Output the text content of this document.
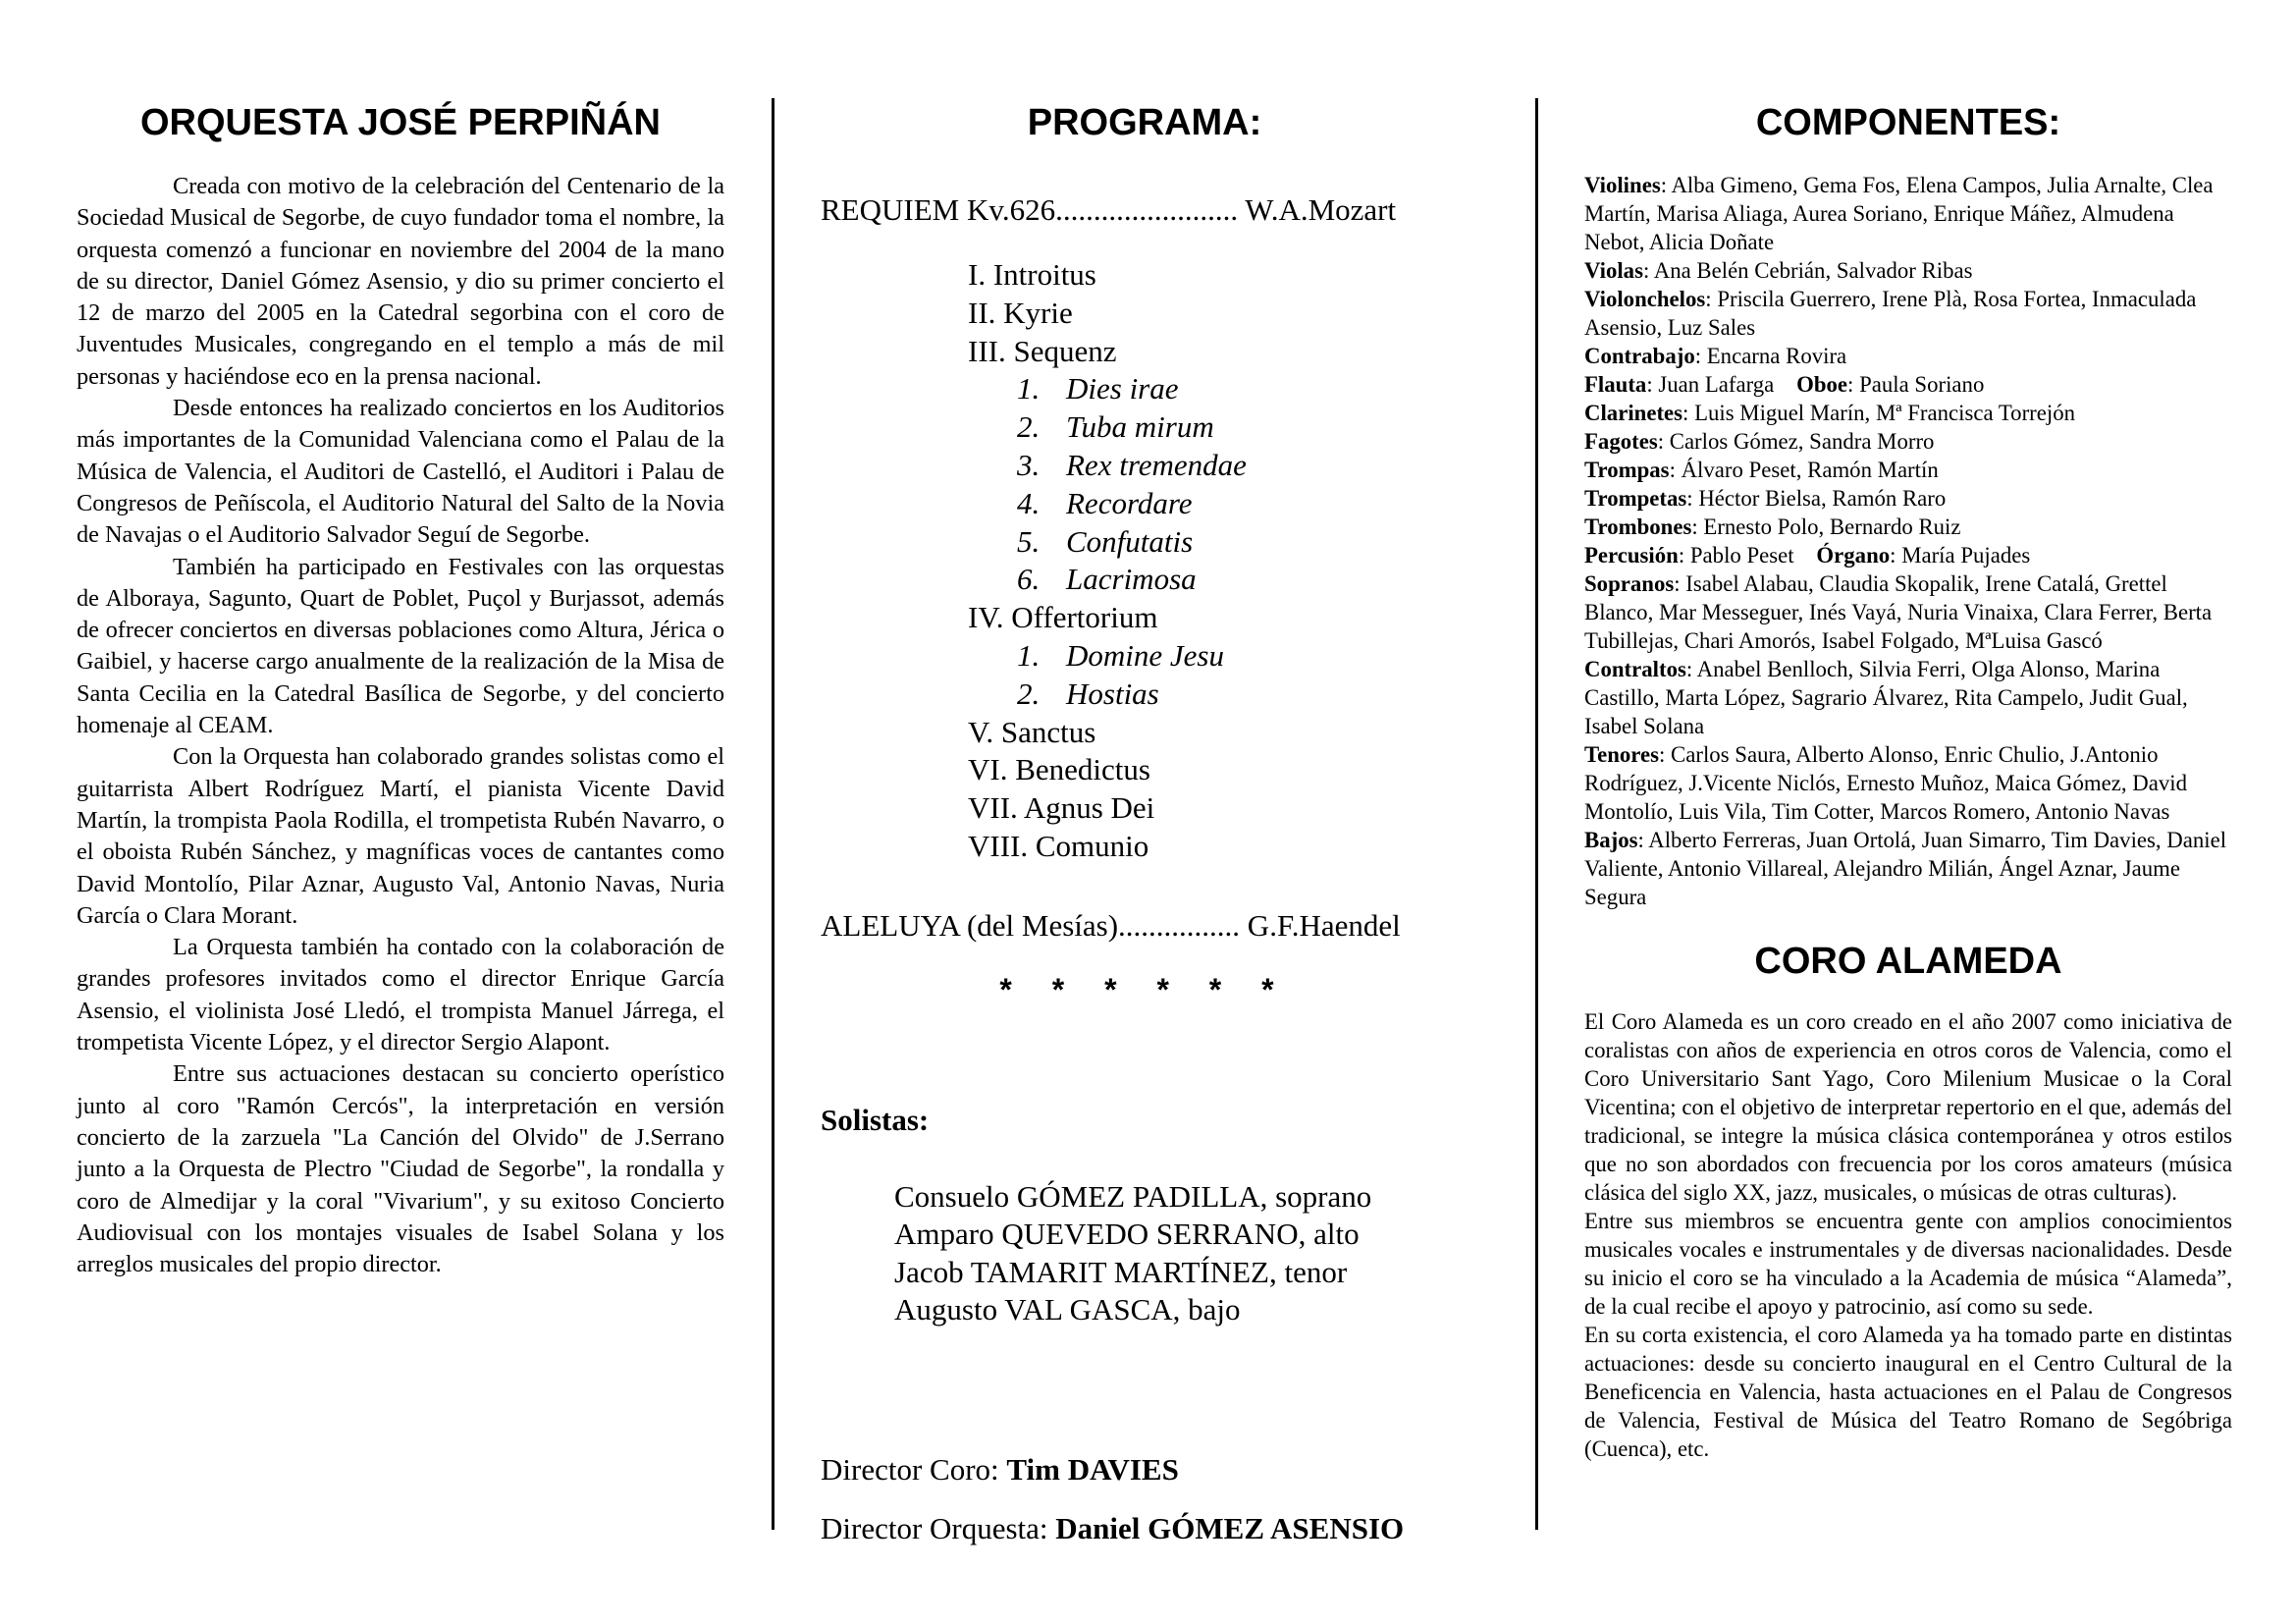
ORQUESTA JOSÉ PERPIÑÁN

Creada con motivo de la celebración del Centenario de la Sociedad Musical de Segorbe, de cuyo fundador toma el nombre, la orquesta comenzó a funcionar en noviembre del 2004 de la mano de su director, Daniel Gómez Asensio, y dio su primer concierto el 12 de marzo del 2005 en la Catedral segorbina con el coro de Juventudes Musicales, congregando en el templo a más de mil personas y haciéndose eco en la prensa nacional.

Desde entonces ha realizado conciertos en los Auditorios más importantes de la Comunidad Valenciana como el Palau de la Música de Valencia, el Auditori de Castelló, el Auditori i Palau de Congresos de Peñíscola, el Auditorio Natural del Salto de la Novia de Navajas o el Auditorio Salvador Seguí de Segorbe.

También ha participado en Festivales con las orquestas de Alboraya, Sagunto, Quart de Poblet, Puçol y Burjassot, además de ofrecer conciertos en diversas poblaciones como Altura, Jérica o Gaibiel, y hacerse cargo anualmente de la realización de la Misa de Santa Cecilia en la Catedral Basílica de Segorbe, y del concierto homenaje al CEAM.

Con la Orquesta han colaborado grandes solistas como el guitarrista Albert Rodríguez Martí, el pianista Vicente David Martín, la trompista Paola Rodilla, el trompetista Rubén Navarro, o el oboista Rubén Sánchez, y magníficas voces de cantantes como David Montolío, Pilar Aznar, Augusto Val, Antonio Navas, Nuria García o Clara Morant.

La Orquesta también ha contado con la colaboración de grandes profesores invitados como el director Enrique García Asensio, el violinista José Lledó, el trompista Manuel Járrega, el trompetista Vicente López, y el director Sergio Alapont.

Entre sus actuaciones destacan su concierto operístico junto al coro "Ramón Cercós", la interpretación en versión concierto de la zarzuela "La Canción del Olvido" de J.Serrano junto a la Orquesta de Plectro "Ciudad de Segorbe", la rondalla y coro de Almedijar y la coral "Vivarium", y su exitoso Concierto Audiovisual con los montajes visuales de Isabel Solana y los arreglos musicales del propio director.

PROGRAMA:

REQUIEM Kv.626........................ W.A.Mozart

I. Introitus
II. Kyrie
III. Sequenz
1. Dies irae
2. Tuba mirum
3. Rex tremendae
4. Recordare
5. Confutatis
6. Lacrimosa
IV. Offertorium
1. Domine Jesu
2. Hostias
V. Sanctus
VI. Benedictus
VII. Agnus Dei
VIII. Comunio

ALELUYA (del Mesías)................ G.F.Haendel

* * * * * *
Solistas:
Consuelo GÓMEZ PADILLA, soprano
Amparo QUEVEDO SERRANO, alto
Jacob TAMARIT MARTÍNEZ, tenor
Augusto VAL GASCA, bajo

Director Coro: Tim DAVIES

Director Orquesta: Daniel GÓMEZ ASENSIO

COMPONENTES:

Violines: Alba Gimeno, Gema Fos, Elena Campos, Julia Arnalte, Clea Martín, Marisa Aliaga, Aurea Soriano, Enrique Máñez, Almudena Nebot, Alicia Doñate

Violas: Ana Belén Cebrián, Salvador Ribas

Violonchelos: Priscila Guerrero, Irene Plà, Rosa Fortea, Inmaculada Asensio, Luz Sales

Contrabajo: Encarna Rovira

Flauta: Juan Lafarga Oboe: Paula Soriano

Clarinetes: Luis Miguel Marín, Mª Francisca Torrejón

Fagotes: Carlos Gómez, Sandra Morro

Trompas: Álvaro Peset, Ramón Martín

Trompetas: Héctor Bielsa, Ramón Raro

Trombones: Ernesto Polo, Bernardo Ruiz

Percusión: Pablo Peset Órgano: María Pujades

Sopranos: Isabel Alabau, Claudia Skopalik, Irene Catalá, Grettel Blanco, Mar Messeguer, Inés Vayá, Nuria Vinaixa, Clara Ferrer, Berta Tubillejas, Chari Amorós, Isabel Folgado, MªLuisa Gascó

Contraltos: Anabel Benlloch, Silvia Ferri, Olga Alonso, Marina Castillo, Marta López, Sagrario Álvarez, Rita Campelo, Judit Gual, Isabel Solana

Tenores: Carlos Saura, Alberto Alonso, Enric Chulio, J.Antonio Rodríguez, J.Vicente Niclós, Ernesto Muñoz, Maica Gómez, David Montolío, Luis Vila, Tim Cotter, Marcos Romero, Antonio Navas

Bajos: Alberto Ferreras, Juan Ortolá, Juan Simarro, Tim Davies, Daniel Valiente, Antonio Villareal, Alejandro Milián, Ángel Aznar, Jaume Segura

CORO ALAMEDA

El Coro Alameda es un coro creado en el año 2007 como iniciativa de coralistas con años de experiencia en otros coros de Valencia, como el Coro Universitario Sant Yago, Coro Milenium Musicae o la Coral Vicentina; con el objetivo de interpretar repertorio en el que, además del tradicional, se integre la música clásica contemporánea y otros estilos que no son abordados con frecuencia por los coros amateurs (música clásica del siglo XX, jazz, musicales, o músicas de otras culturas).

Entre sus miembros se encuentra gente con amplios conocimientos musicales vocales e instrumentales y de diversas nacionalidades. Desde su inicio el coro se ha vinculado a la Academia de música “Alameda”, de la cual recibe el apoyo y patrocinio, así como su sede.

En su corta existencia, el coro Alameda ya ha tomado parte en distintas actuaciones: desde su concierto inaugural en el Centro Cultural de la Beneficencia en Valencia, hasta actuaciones en el Palau de Congresos de Valencia, Festival de Música del Teatro Romano de Segóbriga (Cuenca), etc.
